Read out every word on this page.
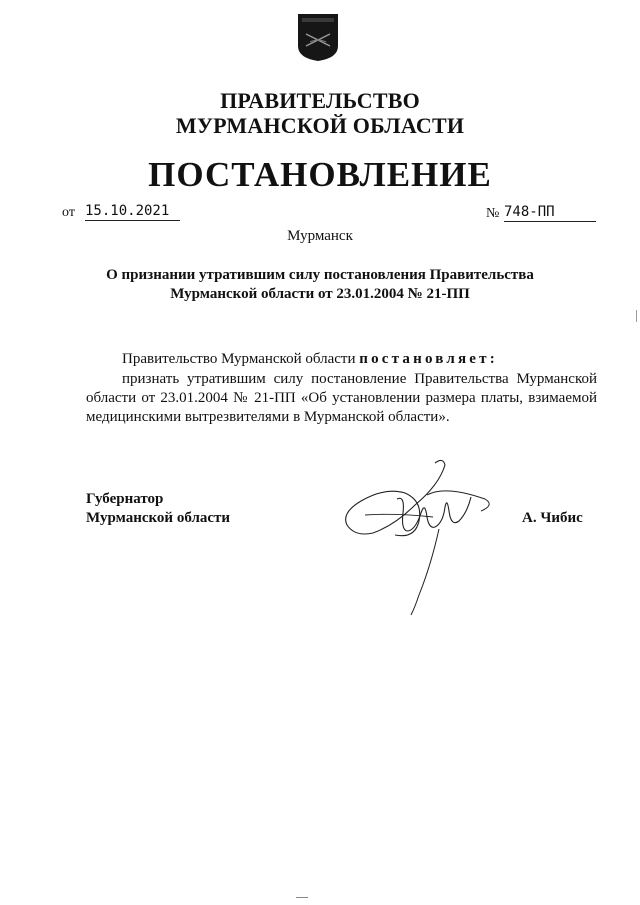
ПРАВИТЕЛЬСТВО
МУРМАНСКОЙ ОБЛАСТИ
ПОСТАНОВЛЕНИЕ
от 15.10.2021	№ 748-ПП
Мурманск
О признании утратившим силу постановления Правительства
Мурманской области от 23.01.2004 № 21-ПП
Правительство Мурманской области постановляет:
признать утратившим силу постановление Правительства Мурманской области от 23.01.2004 № 21-ПП «Об установлении размера платы, взимаемой медицинскими вытрезвителями в Мурманской области».
Губернатор
Мурманской области	А. Чибис
